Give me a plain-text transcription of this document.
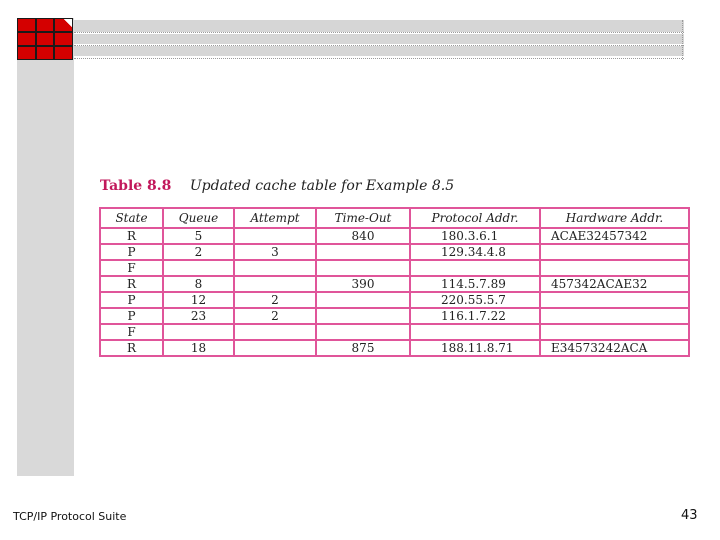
Table 8.8 Updated cache table for Example 8.5
State	Queue	Attempt	Time-Out	Protocol Addr.	Hardware Addr.
R	5		840	180.3.6.1	ACAE32457342
P	2	3		129.34.4.8	
F					
R	8		390	114.5.7.89	457342ACAE32
P	12	2		220.55.5.7	
P	23	2		116.1.7.22	
F					
R	18		875	188.11.8.71	E34573242ACA
TCP/IP Protocol Suite	43
